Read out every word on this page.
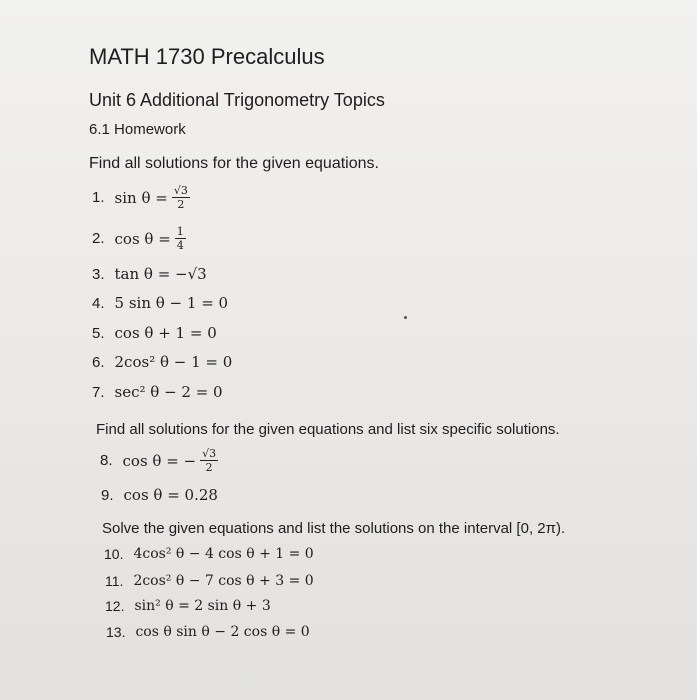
MATH 1730 Precalculus
Unit 6 Additional Trigonometry Topics
6.1 Homework
Find all solutions for the given equations.
1. $\sin \theta = \frac{√3}{2}$
2. $\cos \theta = \frac{1}{4}$
3. tan θ = −√3
4. 5 sin θ − 1 = 0
5. cos θ + 1 = 0
6. 2cos² θ − 1 = 0
7. sec² θ − 2 = 0
Find all solutions for the given equations and list six specific solutions.
8. cos θ = − $\frac{√3}{2}$
9. cos θ = 0.28
Solve the given equations and list the solutions on the interval [0, 2π).
10. 4cos² θ − 4 cos θ + 1 = 0
11. 2cos² θ − 7 cos θ + 3 = 0
12. sin² θ = 2 sin θ + 3
13. cos θ sin θ − 2 cos θ = 0
